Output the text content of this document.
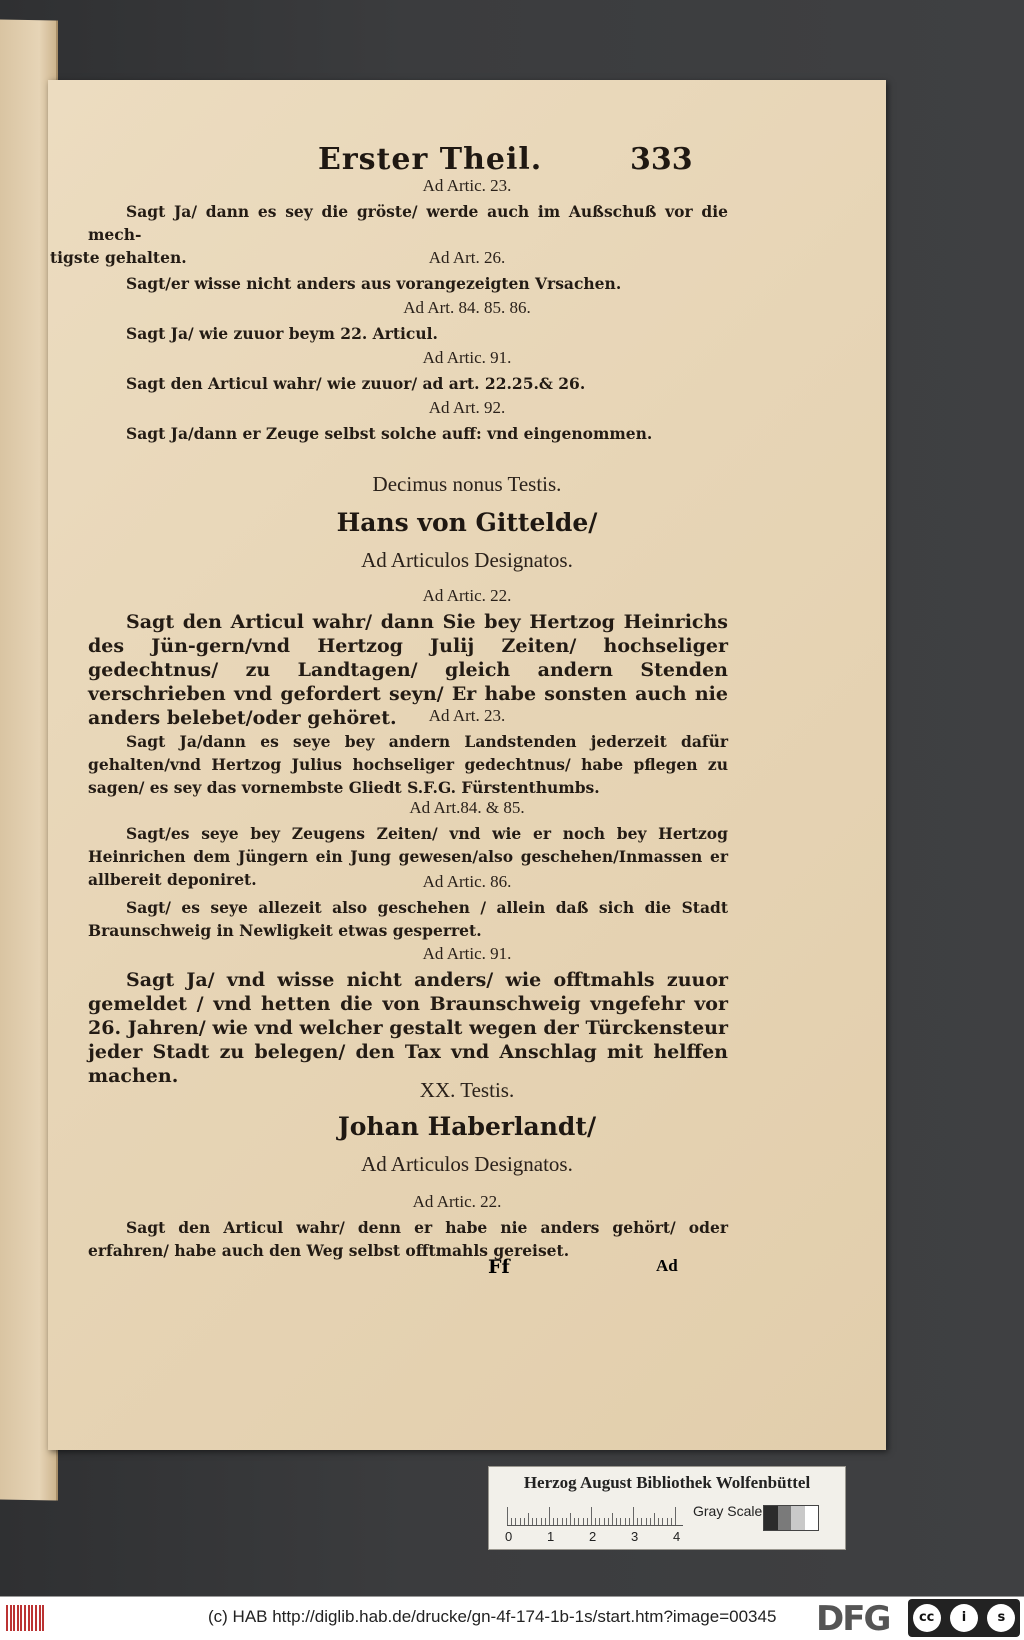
Erster Theil.	333
Ad Artic. 23.
Sagt Ja/ dann es sey die gröste/ werde auch im Außschuß vor die mech-
tigste gehalten.	Ad Art. 26.
Sagt/er wisse nicht anders aus vorangezeigten Vrsachen.
Ad Art. 84. 85. 86.
Sagt Ja/ wie zuuor beym 22. Articul.
Ad Artic. 91.
Sagt den Articul wahr/ wie zuuor/ ad art. 22.25.& 26.
Ad Art. 92.
Sagt Ja/dann er Zeuge selbst solche auff: vnd eingenommen.
Decimus nonus Testis.
Hans von Gittelde/
Ad Articulos Designatos.
Ad Artic. 22.
Sagt den Articul wahr/ dann Sie bey Hertzog Heinrichs des Jün-gern/vnd Hertzog Julij Zeiten/ hochseliger gedechtnus/ zu Landtagen/ gleich andern Stenden verschrieben vnd gefordert seyn/ Er habe sonsten auch nie anders belebet/oder gehöret.	Ad Art. 23.
Sagt Ja/dann es seye bey andern Landstenden jederzeit dafür gehalten/vnd Hertzog Julius hochseliger gedechtnus/ habe pflegen zu sagen/ es sey das vornembste Gliedt S.F.G. Fürstenthumbs.
Ad Art.84. & 85.
Sagt/es seye bey Zeugens Zeiten/ vnd wie er noch bey Hertzog Heinrichen dem Jüngern ein Jung gewesen/also geschehen/Inmassen er allbereit deponiret.	Ad Artic. 86.
Sagt/ es seye allezeit also geschehen / allein daß sich die Stadt Braunschweig in Newligkeit etwas gesperret.
Ad Artic. 91.
Sagt Ja/ vnd wisse nicht anders/ wie offtmahls zuuor gemeldet / vnd hetten die von Braunschweig vngefehr vor 26. Jahren/ wie vnd welcher gestalt wegen der Türckensteur jeder Stadt zu belegen/ den Tax vnd Anschlag mit helffen machen.
XX. Testis.
Johan Haberlandt/
Ad Articulos Designatos.
Ad Artic. 22.
Sagt den Articul wahr/ denn er habe nie anders gehört/ oder erfahren/ habe auch den Weg selbst offtmahls gereiset.
Ff	Ad
Herzog August Bibliothek Wolfenbüttel
0	1	2	3	4
Gray Scale
(c) HAB http://diglib.hab.de/drucke/gn-4f-174-1b-1s/start.htm?image=00345 DFG	cc	i	s
